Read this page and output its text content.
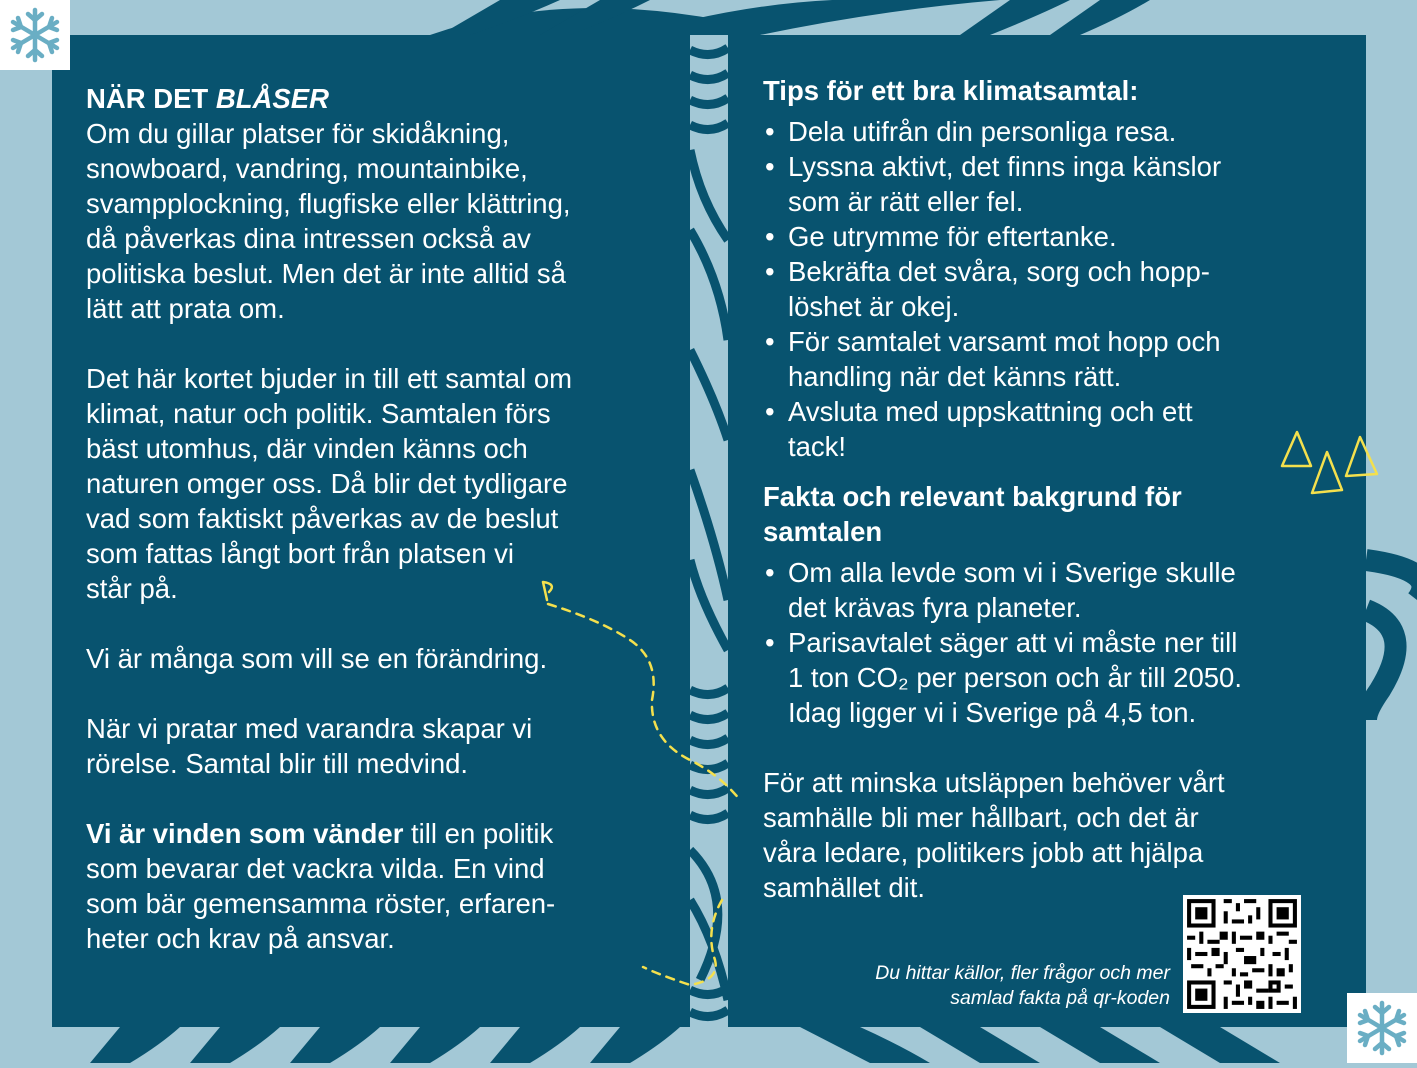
NÄR DET BLÅSER

Om du gillar platser för skidåkning,

snowboard, vandring, mountainbike,

svampplockning, flugfiske eller klättring,

då påverkas dina intressen också av

politiska beslut. Men det är inte alltid så

lätt att prata om.

Det här kortet bjuder in till ett samtal om

klimat, natur och politik. Samtalen förs

bäst utomhus, där vinden känns och

naturen omger oss. Då blir det tydligare

vad som faktiskt påverkas av de beslut

som fattas långt bort från platsen vi

står på.

Vi är många som vill se en förändring.

När vi pratar med varandra skapar vi

rörelse. Samtal blir till medvind.

Vi är vinden som vänder till en politik

som bevarar det vackra vilda. En vind

som bär gemensamma röster, erfaren-

heter och krav på ansvar.

Tips för ett bra klimatsamtal:

• Dela utifrån din personliga resa.
• Lyssna aktivt, det finns inga känslor
som är rätt eller fel.
• Ge utrymme för eftertanke.
• Bekräfta det svåra, sorg och hopp-
löshet är okej.
• För samtalet varsamt mot hopp och
handling när det känns rätt.
• Avsluta med uppskattning och ett
tack!

Fakta och relevant bakgrund för

samtalen

• Om alla levde som vi i Sverige skulle
det krävas fyra planeter.
• Parisavtalet säger att vi måste ner till
1 ton CO₂ per person och år till 2050.
Idag ligger vi i Sverige på 4,5 ton.

För att minska utsläppen behöver vårt

samhälle bli mer hållbart, och det är

våra ledare, politikers jobb att hjälpa

samhället dit.

Du hittar källor, fler frågor och mer
samlad fakta på qr-koden
